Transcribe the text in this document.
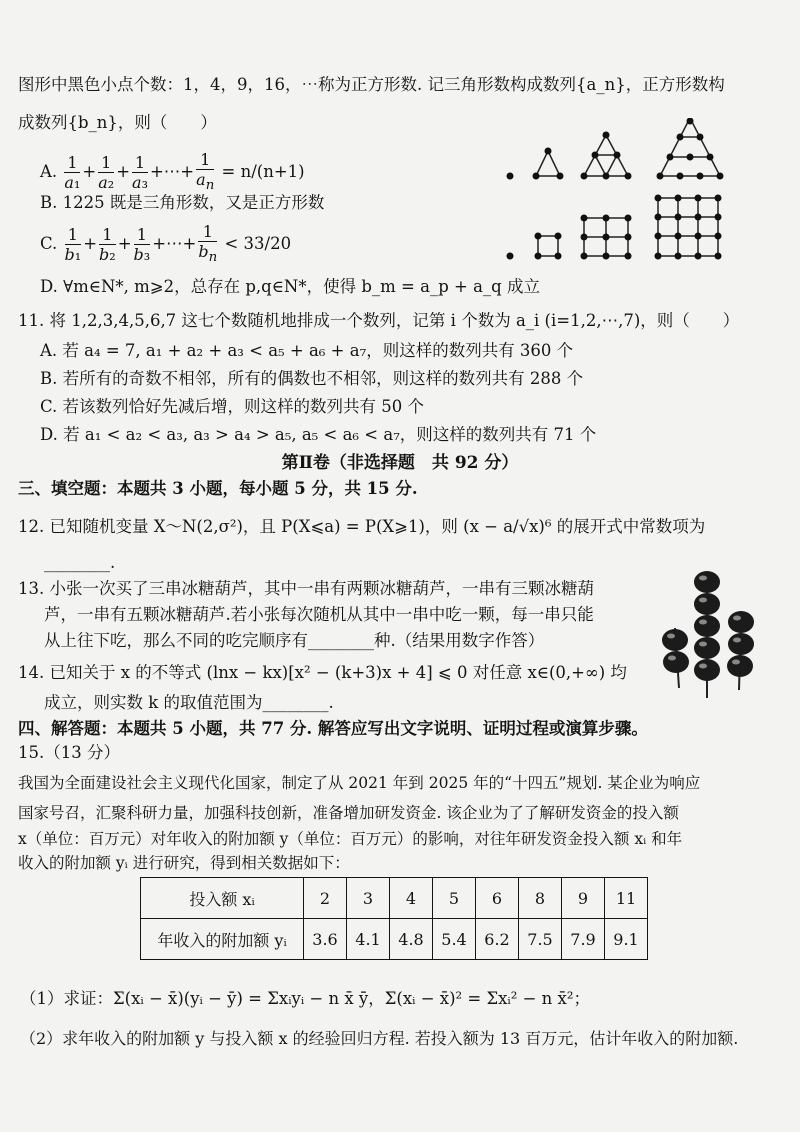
图形中黑色小点个数：1，4，9，16，⋯称为正方形数. 记三角形数构成数列{a_n}，正方形数构
成数列{b_n}，则（　　）
A. $\frac{1}{\text{a₁}} + \frac{1}{\text{a₂}} + \frac{1}{\text{a₃}}$ +⋯+ $\frac{1}{a_n} = n/(n+1)$
B. 1225 既是三角形数，又是正方形数
C. $\frac{1}{\text{b₁}} + \frac{1}{\text{b₂}} + \frac{1}{\text{b₃}}$ +⋯+ $\frac{1}{b_n} < 33/20$
D. ∀m∈N*, m⩾2，总存在 p,q∈N*，使得 b_m = a_p + a_q 成立
11. 将 1,2,3,4,5,6,7 这七个数随机地排成一个数列，记第 i 个数为 a_i (i=1,2,⋯,7)，则（　　）
A. 若 a₄ = 7, a₁ + a₂ + a₃ < a₅ + a₆ + a₇，则这样的数列共有 360 个
B. 若所有的奇数不相邻，所有的偶数也不相邻，则这样的数列共有 288 个
C. 若该数列恰好先减后增，则这样的数列共有 50 个
D. 若 a₁ < a₂ < a₃, a₃ > a₄ > a₅, a₅ < a₆ < a₇，则这样的数列共有 71 个
第Ⅱ卷（非选择题　共 92 分）
三、填空题：本题共 3 小题，每小题 5 分，共 15 分.
12. 已知随机变量 X～N(2,σ²)，且 P(X⩽a) = P(X⩾1)，则 (x − a/√x)⁶ 的展开式中常数项为
________.
13. 小张一次买了三串冰糖葫芦，其中一串有两颗冰糖葫芦，一串有三颗冰糖葫
芦，一串有五颗冰糖葫芦.若小张每次随机从其中一串中吃一颗，每一串只能
从上往下吃，那么不同的吃完顺序有________种.（结果用数字作答）
14. 已知关于 x 的不等式 (lnx − kx)[x² − (k+3)x + 4] ⩽ 0 对任意 x∈(0,+∞) 均
成立，则实数 k 的取值范围为________.
四、解答题：本题共 5 小题，共 77 分. 解答应写出文字说明、证明过程或演算步骤。
15.（13 分）
我国为全面建设社会主义现代化国家，制定了从 2021 年到 2025 年的“十四五”规划. 某企业为响应
国家号召，汇聚科研力量，加强科技创新，准备增加研发资金. 该企业为了了解研发资金的投入额
x（单位：百万元）对年收入的附加额 y（单位：百万元）的影响，对往年研发资金投入额 xᵢ 和年
收入的附加额 yᵢ 进行研究，得到相关数据如下：
投入额 xᵢ	2	3	4	5	6	8	9	11
年收入的附加额 yᵢ	3.6	4.1	4.8	5.4	6.2	7.5	7.9	9.1
（1）求证：Σ(xᵢ − x̄)(yᵢ − ȳ) = Σxᵢyᵢ − n x̄ ȳ，Σ(xᵢ − x̄)² = Σxᵢ² − n x̄²；
（2）求年收入的附加额 y 与投入额 x 的经验回归方程. 若投入额为 13 百万元，估计年收入的附加额.
